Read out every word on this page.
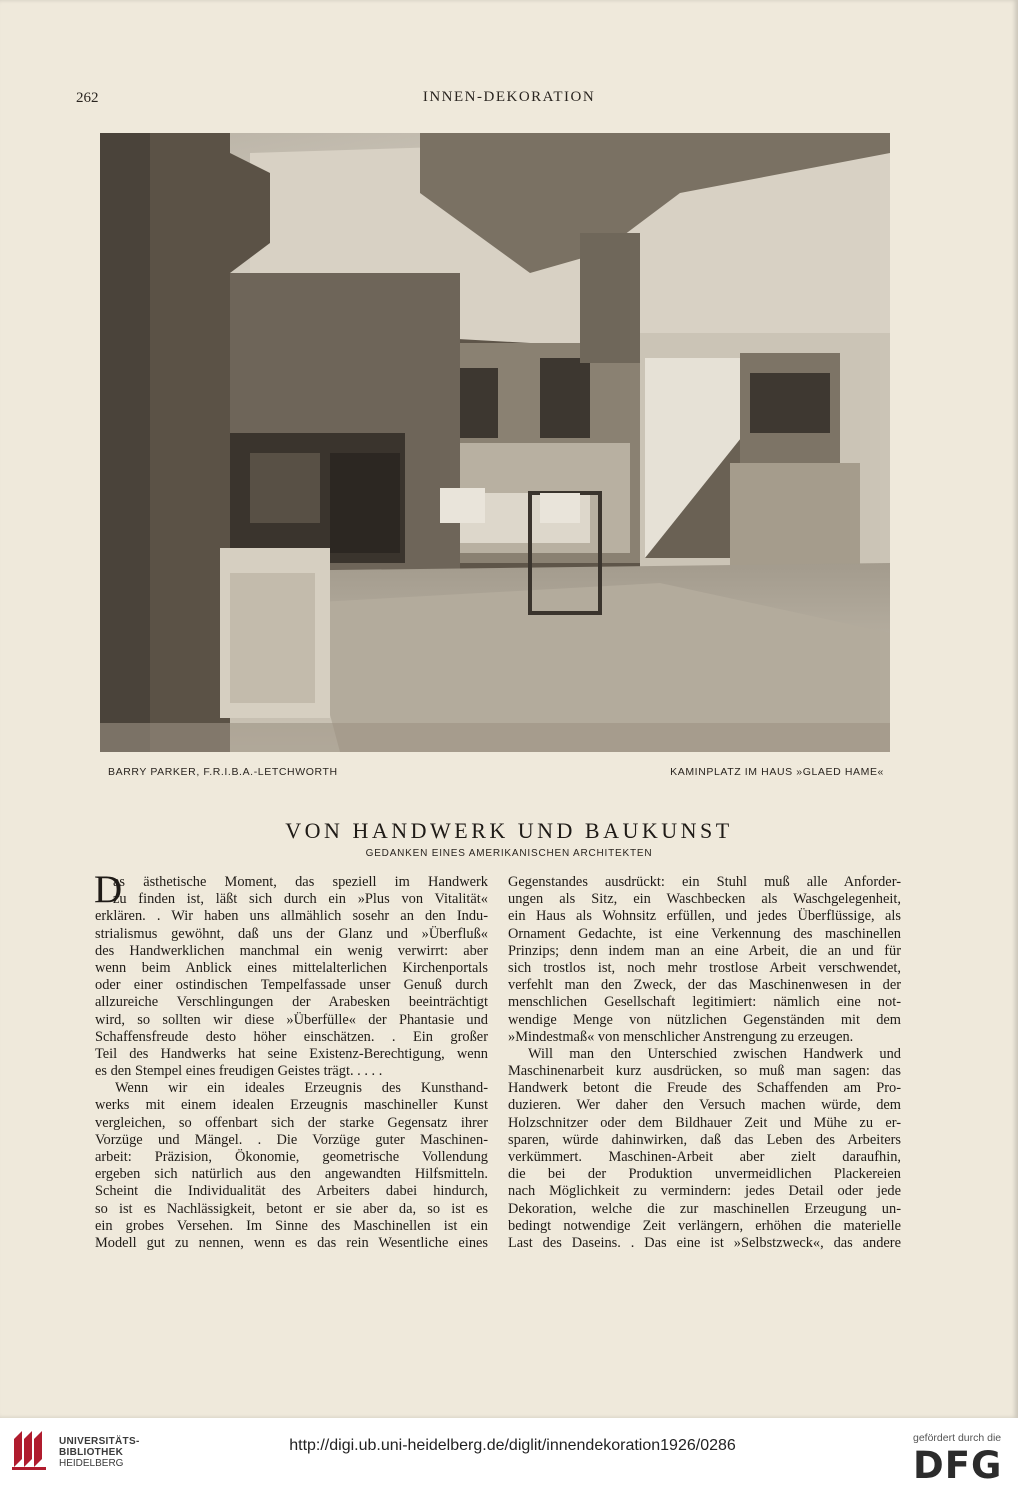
262	INNEN-DEKORATION
BARRY PARKER, F.R.I.B.A.-LETCHWORTH	KAMINPLATZ IM HAUS »GLAED HAME«
VON HANDWERK UND BAUKUNST
GEDANKEN EINES AMERIKANISCHEN ARCHITEKTEN
D
as ästhetische Moment, das speziell im Handwerk
zu finden ist, läßt sich durch ein »Plus von Vitalität«
erklären. . Wir haben uns allmählich sosehr an den Indu-
strialismus gewöhnt, daß uns der Glanz und »Überfluß«
des Handwerklichen manchmal ein wenig verwirrt: aber
wenn beim Anblick eines mittelalterlichen Kirchenportals
oder einer ostindischen Tempelfassade unser Genuß durch
allzureiche Verschlingungen der Arabesken beeinträchtigt
wird, so sollten wir diese »Überfülle« der Phantasie und
Schaffensfreude desto höher einschätzen. . Ein großer
Teil des Handwerks hat seine Existenz-Berechtigung, wenn
es den Stempel eines freudigen Geistes trägt. . . . .
Wenn wir ein ideales Erzeugnis des Kunsthand-
werks mit einem idealen Erzeugnis maschineller Kunst
vergleichen, so offenbart sich der starke Gegensatz ihrer
Vorzüge und Mängel. . Die Vorzüge guter Maschinen-
arbeit: Präzision, Ökonomie, geometrische Vollendung
ergeben sich natürlich aus den angewandten Hilfsmitteln.
Scheint die Individualität des Arbeiters dabei hindurch,
so ist es Nachlässigkeit, betont er sie aber da, so ist es
ein grobes Versehen. Im Sinne des Maschinellen ist ein
Modell gut zu nennen, wenn es das rein Wesentliche eines
Gegenstandes ausdrückt: ein Stuhl muß alle Anforder-
ungen als Sitz, ein Waschbecken als Waschgelegenheit,
ein Haus als Wohnsitz erfüllen, und jedes Überflüssige, als
Ornament Gedachte, ist eine Verkennung des maschinellen
Prinzips; denn indem man an eine Arbeit, die an und für
sich trostlos ist, noch mehr trostlose Arbeit verschwendet,
verfehlt man den Zweck, der das Maschinenwesen in der
menschlichen Gesellschaft legitimiert: nämlich eine not-
wendige Menge von nützlichen Gegenständen mit dem
»Mindestmaß« von menschlicher Anstrengung zu erzeugen.
Will man den Unterschied zwischen Handwerk und
Maschinenarbeit kurz ausdrücken, so muß man sagen: das
Handwerk betont die Freude des Schaffenden am Pro-
duzieren. Wer daher den Versuch machen würde, dem
Holzschnitzer oder dem Bildhauer Zeit und Mühe zu er-
sparen, würde dahinwirken, daß das Leben des Arbeiters
verkümmert. Maschinen-Arbeit aber zielt daraufhin,
die bei der Produktion unvermeidlichen Plackereien
nach Möglichkeit zu vermindern: jedes Detail oder jede
Dekoration, welche die zur maschinellen Erzeugung un-
bedingt notwendige Zeit verlängern, erhöhen die materielle
Last des Daseins. . Das eine ist »Selbstzweck«, das andere
UNIVERSITÄTS-
BIBLIOTHEK
HEIDELBERG
http://digi.ub.uni-heidelberg.de/diglit/innendekoration1926/0286	gefördert durch die
DFG
